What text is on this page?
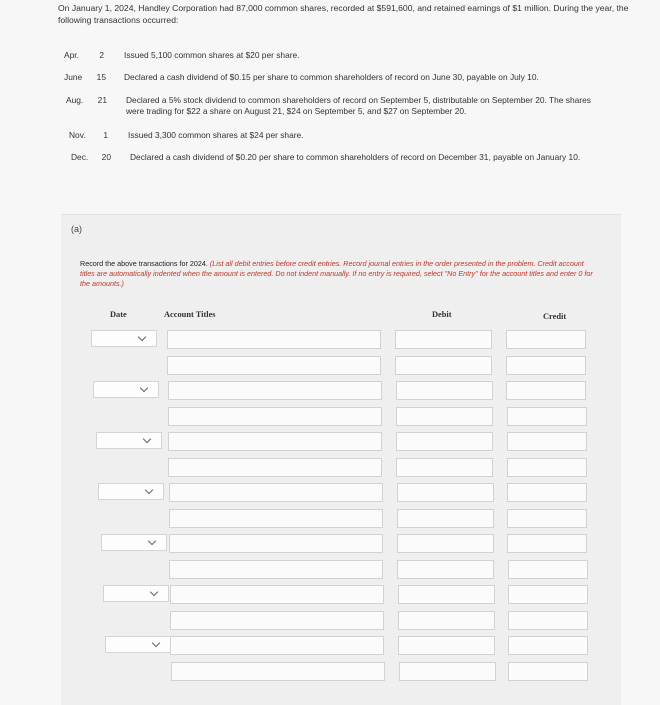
On January 1, 2024, Handley Corporation had 87,000 common shares, recorded at $591,600, and retained earnings of $1 million. During the year, the following transactions occurred:
Apr.	2 Issued 5,100 common shares at $20 per share.
June	15 Declared a cash dividend of $0.15 per share to common shareholders of record on June 30, payable on July 10.
Aug.	21 Declared a 5% stock dividend to common shareholders of record on September 5, distributable on September 20. The shares were trading for $22 a share on August 21, $24 on September 5, and $27 on September 20.
Nov.	1 Issued 3,300 common shares at $24 per share.
Dec.	20 Declared a cash dividend of $0.20 per share to common shareholders of record on December 31, payable on January 10.
(a)
Record the above transactions for 2024. (List all debit entries before credit entries. Record journal entries in the order presented in the problem. Credit account titles are automatically indented when the amount is entered. Do not indent manually. If no entry is required, select "No Entry" for the account titles and enter 0 for the amounts.)
Date	Account Titles	Debit	Credit
